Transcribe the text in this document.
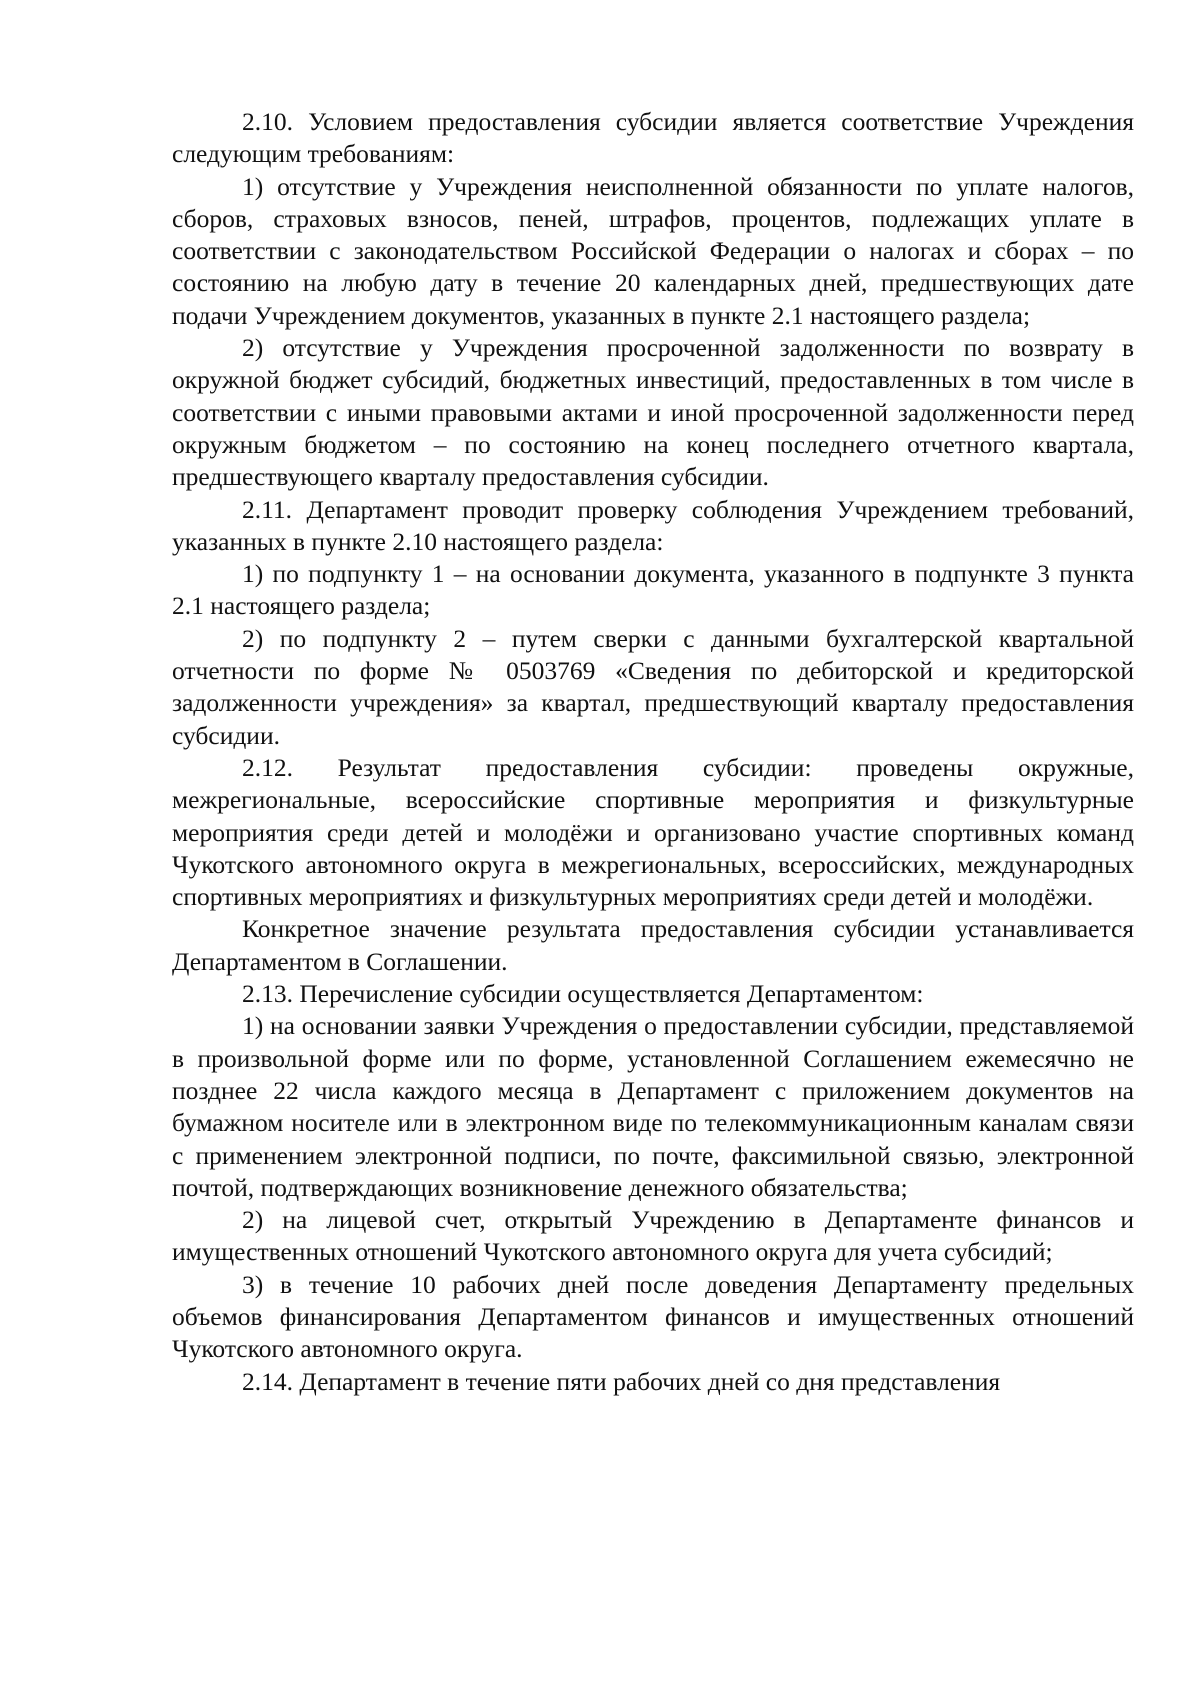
2.10. Условием предоставления субсидии является соответствие Учреждения следующим требованиям:

1) отсутствие у Учреждения неисполненной обязанности по уплате налогов, сборов, страховых взносов, пеней, штрафов, процентов, подлежащих уплате в соответствии с законодательством Российской Федерации о налогах и сборах – по состоянию на любую дату в течение 20 календарных дней, предшествующих дате подачи Учреждением документов, указанных в пункте 2.1 настоящего раздела;

2) отсутствие у Учреждения просроченной задолженности по возврату в окружной бюджет субсидий, бюджетных инвестиций, предоставленных в том числе в соответствии с иными правовыми актами и иной просроченной задолженности перед окружным бюджетом – по состоянию на конец последнего отчетного квартала, предшествующего кварталу предоставления субсидии.

2.11. Департамент проводит проверку соблюдения Учреждением требований, указанных в пункте 2.10 настоящего раздела:

1) по подпункту 1 – на основании документа, указанного в подпункте 3 пункта 2.1 настоящего раздела;

2) по подпункту 2 – путем сверки с данными бухгалтерской квартальной отчетности по форме № 0503769 «Сведения по дебиторской и кредиторской задолженности учреждения» за квартал, предшествующий кварталу предоставления субсидии.

2.12. Результат предоставления субсидии: проведены окружные, межрегиональные, всероссийские спортивные мероприятия и физкультурные мероприятия среди детей и молодёжи и организовано участие спортивных команд Чукотского автономного округа в межрегиональных, всероссийских, международных спортивных мероприятиях и физкультурных мероприятиях среди детей и молодёжи.

Конкретное значение результата предоставления субсидии устанавливается Департаментом в Соглашении.

2.13. Перечисление субсидии осуществляется Департаментом:

1) на основании заявки Учреждения о предоставлении субсидии, представляемой в произвольной форме или по форме, установленной Соглашением ежемесячно не позднее 22 числа каждого месяца в Департамент с приложением документов на бумажном носителе или в электронном виде по телекоммуникационным каналам связи с применением электронной подписи, по почте, факсимильной связью, электронной почтой, подтверждающих возникновение денежного обязательства;

2) на лицевой счет, открытый Учреждению в Департаменте финансов и имущественных отношений Чукотского автономного округа для учета субсидий;

3) в течение 10 рабочих дней после доведения Департаменту предельных объемов финансирования Департаментом финансов и имущественных отношений Чукотского автономного округа.

2.14. Департамент в течение пяти рабочих дней со дня представления
